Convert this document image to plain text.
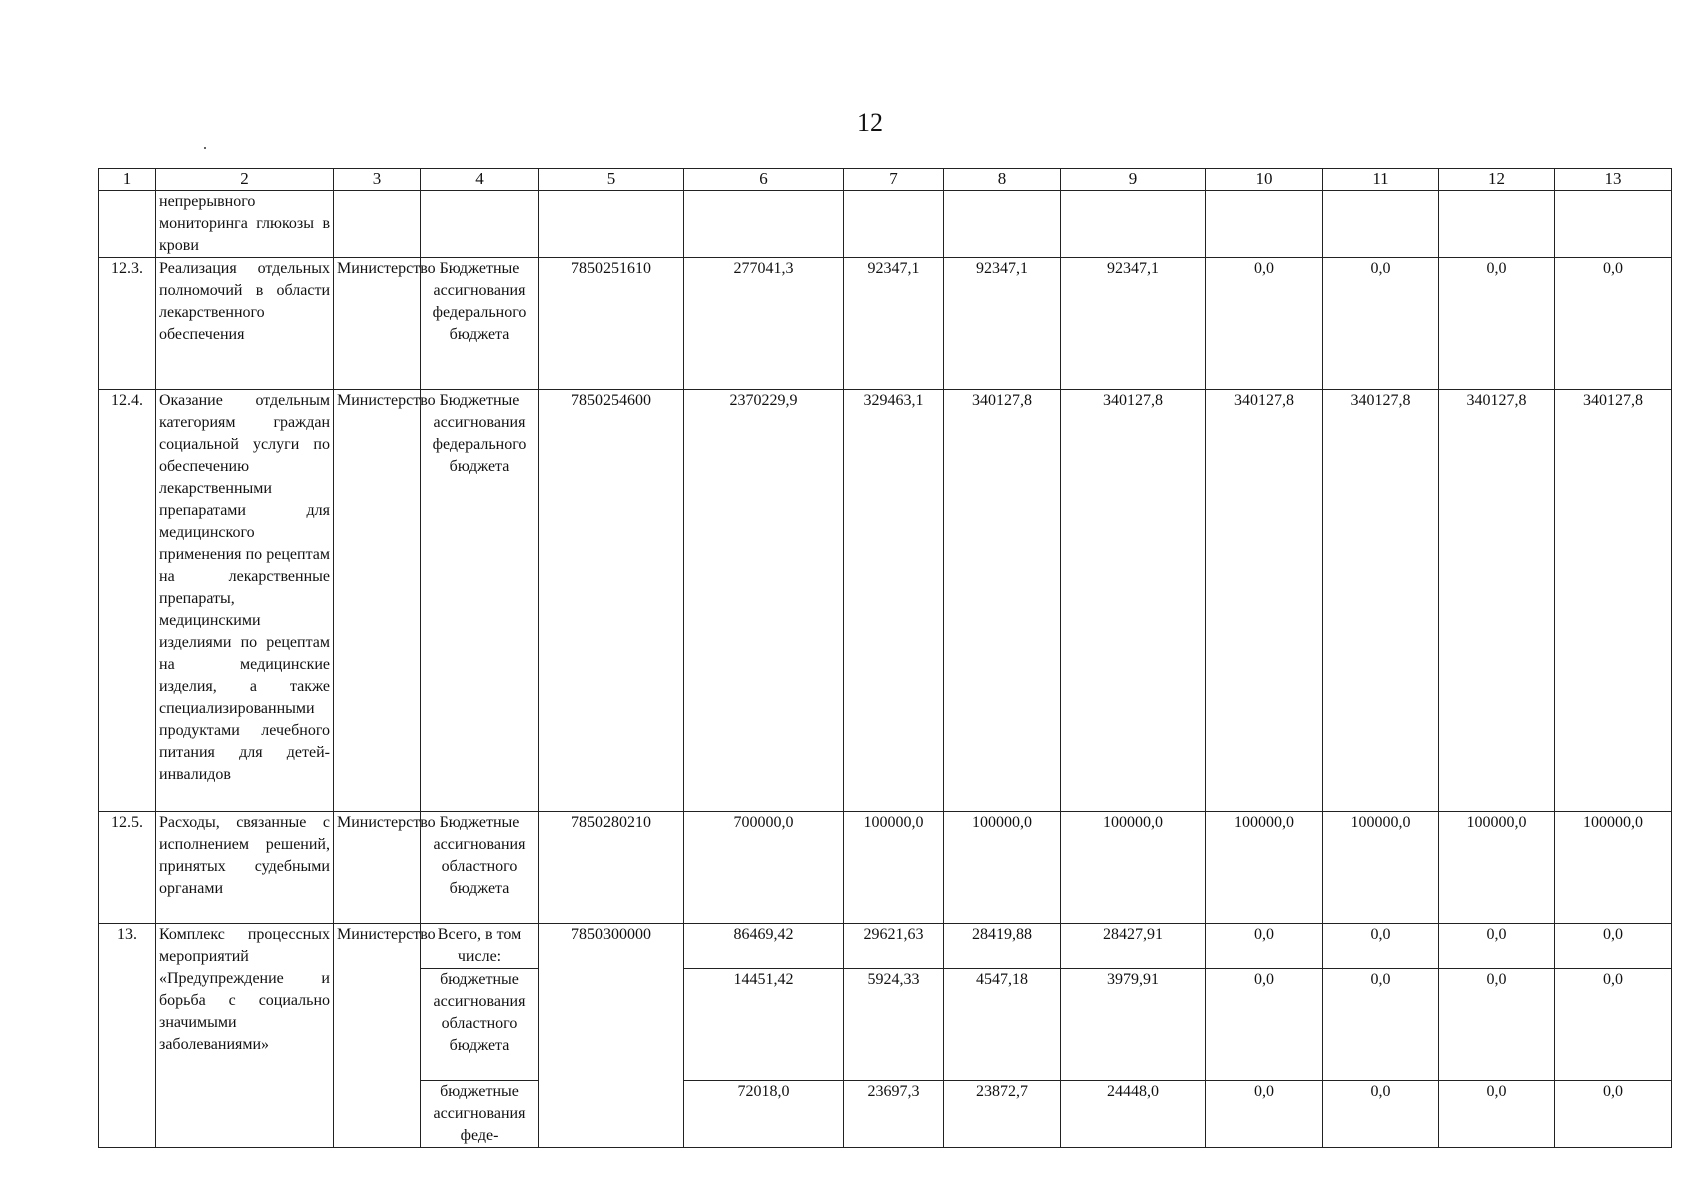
12
1	2	3	4	5	6	7	8	9	10	11	12	13
	непрерывного мониторинга глюкозы в крови											
12.3.	Реализация отдельных полномочий в области лекарственного обеспечения	Министерство	Бюджетные ассигнования федерального бюджета	7850251610	277041,3	92347,1	92347,1	92347,1	0,0	0,0	0,0	0,0
12.4.	Оказание отдельным категориям граждан социальной услуги по обеспечению лекарственными препаратами для медицинского применения по рецептам на лекарственные препараты, медицинскими изделиями по рецептам на медицинские изделия, а также специализированными продуктами лечебного питания для детей-инвалидов	Министерство	Бюджетные ассигнования федерального бюджета	7850254600	2370229,9	329463,1	340127,8	340127,8	340127,8	340127,8	340127,8	340127,8
12.5.	Расходы, связанные с исполнением решений, принятых судебными органами	Министерство	Бюджетные ассигнования областного бюджета	7850280210	700000,0	100000,0	100000,0	100000,0	100000,0	100000,0	100000,0	100000,0
13.	Комплекс процессных мероприятий «Предупреждение и борьба с социально значимыми заболеваниями»	Министерство	Всего, в том числе:	7850300000	86469,42	29621,63	28419,88	28427,91	0,0	0,0	0,0	0,0
			бюджетные ассигнования областного бюджета		14451,42	5924,33	4547,18	3979,91	0,0	0,0	0,0	0,0
			бюджетные ассигнования феде-		72018,0	23697,3	23872,7	24448,0	0,0	0,0	0,0	0,0
